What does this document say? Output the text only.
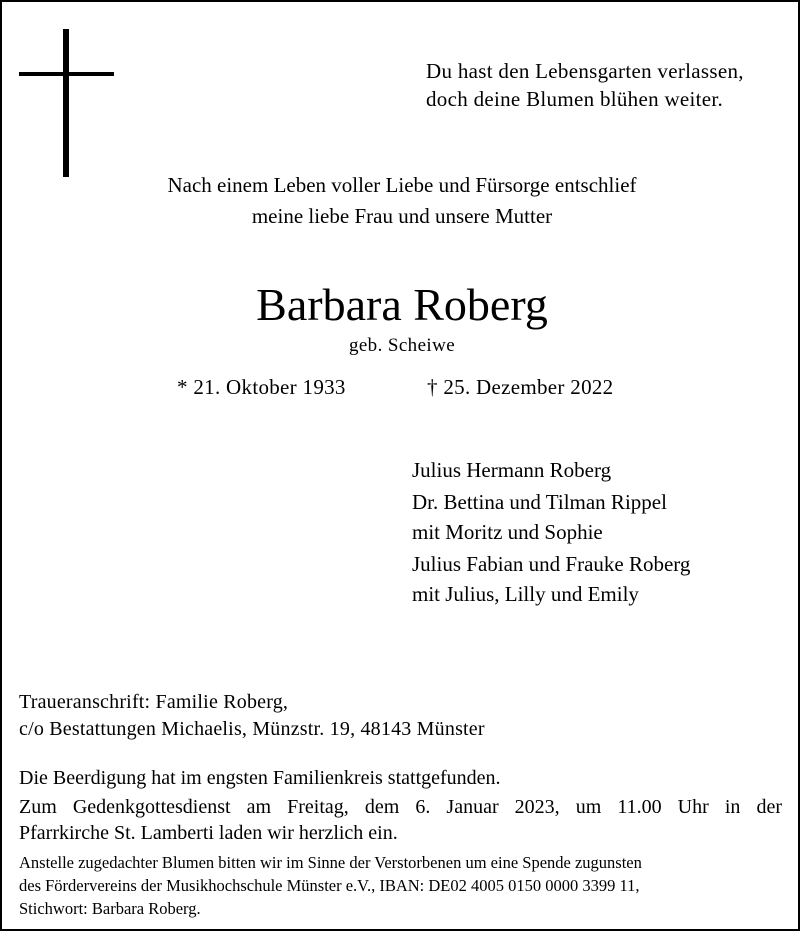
Du hast den Lebensgarten verlassen,
doch deine Blumen blühen weiter.
Nach einem Leben voller Liebe und Fürsorge entschlief
meine liebe Frau und unsere Mutter
Barbara Roberg
geb. Scheiwe
* 21. Oktober 1933	† 25. Dezember 2022
Julius Hermann Roberg
Dr. Bettina und Tilman Rippel
mit Moritz und Sophie
Julius Fabian und Frauke Roberg
mit Julius, Lilly und Emily
Traueranschrift: Familie Roberg,
c/o Bestattungen Michaelis, Münzstr. 19, 48143 Münster
Die Beerdigung hat im engsten Familienkreis stattgefunden.
Zum Gedenkgottesdienst am Freitag, dem 6. Januar 2023, um 11.00 Uhr in der
Pfarrkirche St. Lamberti laden wir herzlich ein.
Anstelle zugedachter Blumen bitten wir im Sinne der Verstorbenen um eine Spende zugunsten
des Fördervereins der Musikhochschule Münster e.V., IBAN: DE02 4005 0150 0000 3399 11,
Stichwort: Barbara Roberg.
